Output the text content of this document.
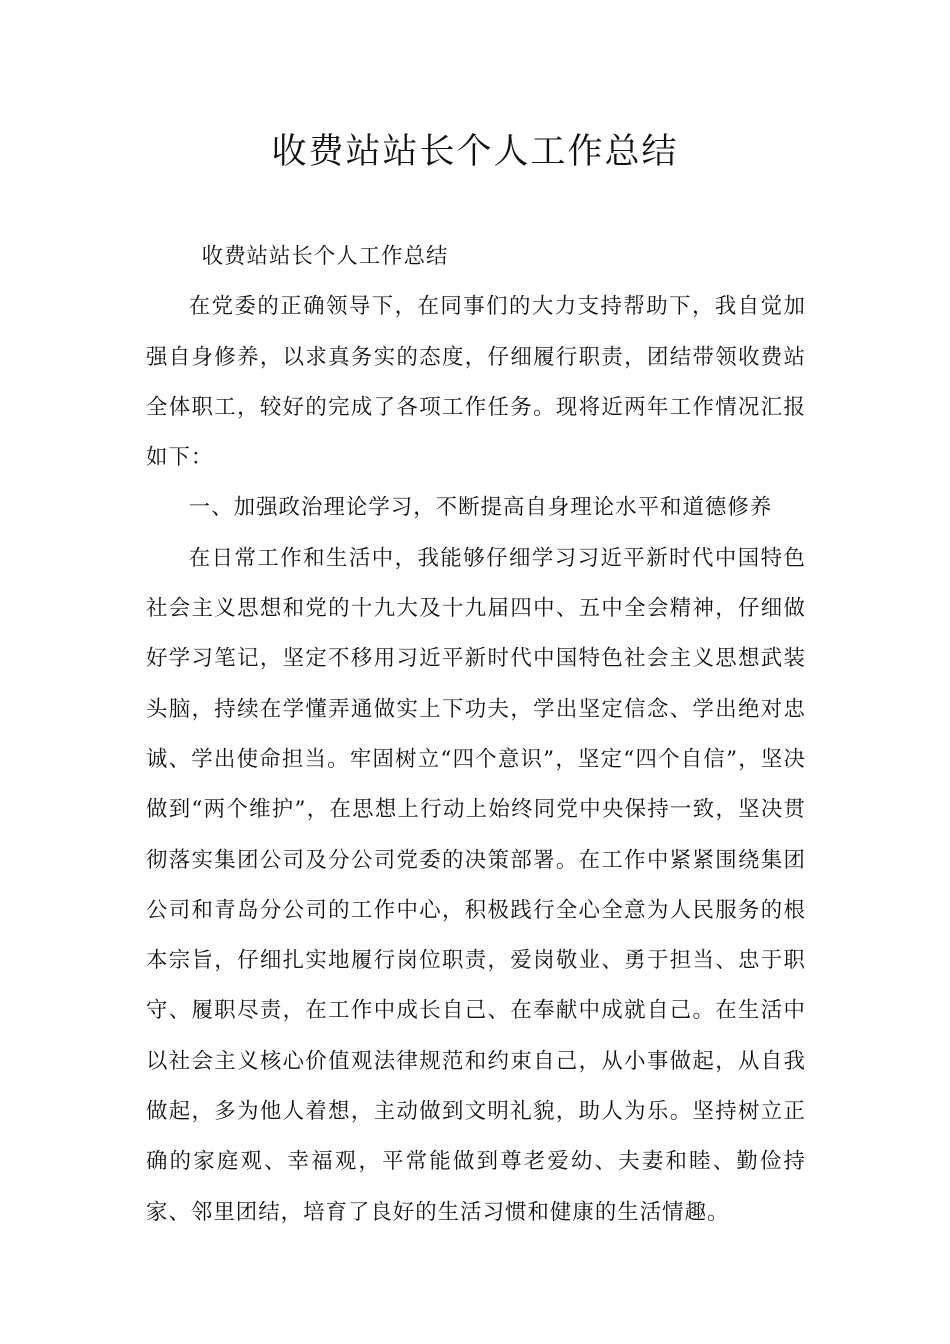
收费站站长个人工作总结

收费站站长个人工作总结

在党委的正确领导下，在同事们的大力支持帮助下，我自觉加强自身修养，以求真务实的态度，仔细履行职责，团结带领收费站全体职工，较好的完成了各项工作任务。现将近两年工作情况汇报如下：

一、加强政治理论学习，不断提高自身理论水平和道德修养

在日常工作和生活中，我能够仔细学习习近平新时代中国特色社会主义思想和党的十九大及十九届四中、五中全会精神，仔细做好学习笔记，坚定不移用习近平新时代中国特色社会主义思想武装头脑，持续在学懂弄通做实上下功夫，学出坚定信念、学出绝对忠诚、学出使命担当。牢固树立“四个意识”，坚定“四个自信”，坚决做到“两个维护”，在思想上行动上始终同党中央保持一致，坚决贯彻落实集团公司及分公司党委的决策部署。在工作中紧紧围绕集团公司和青岛分公司的工作中心，积极践行全心全意为人民服务的根本宗旨，仔细扎实地履行岗位职责，爱岗敬业、勇于担当、忠于职守、履职尽责，在工作中成长自己、在奉献中成就自己。在生活中以社会主义核心价值观法律规范和约束自己，从小事做起，从自我做起，多为他人着想，主动做到文明礼貌，助人为乐。坚持树立正确的家庭观、幸福观，平常能做到尊老爱幼、夫妻和睦、勤俭持家、邻里团结，培育了良好的生活习惯和健康的生活情趣。
